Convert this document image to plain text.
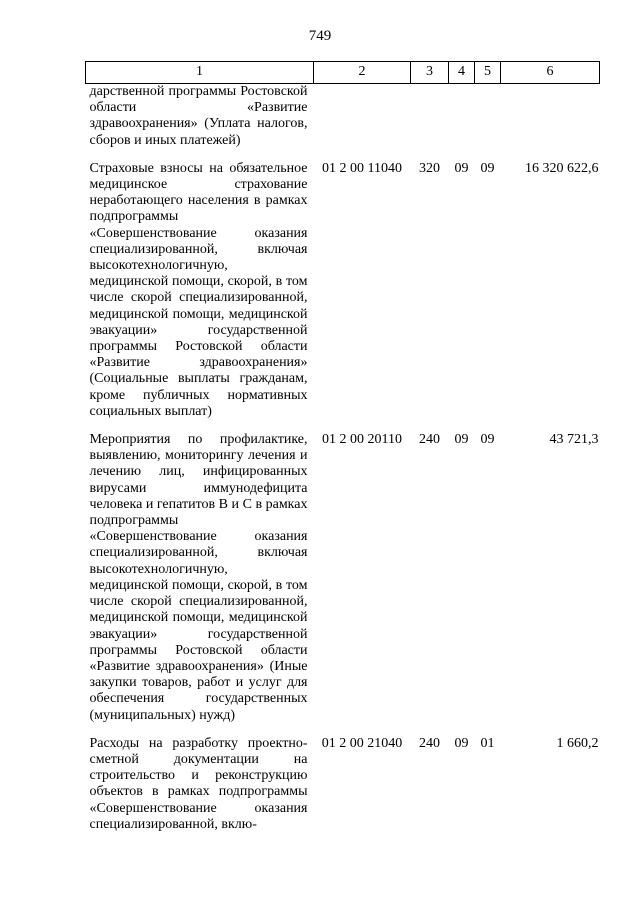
749
1	2	3	4	5	6
дарственной программы Ростовской области «Развитие здравоохранения» (Уплата налогов, сборов и иных платежей)					
Страховые взносы на обязательное медицинское страхование неработающего населения в рамках подпрограммы «Совершенствование оказания специализированной, включая высокотехнологичную, медицинской помощи, скорой, в том числе скорой специализированной, медицинской помощи, медицинской эвакуации» государственной программы Ростовской области «Развитие здравоохранения» (Социальные выплаты гражданам, кроме публичных нормативных социальных выплат)	01 2 00 11040	320	09	09	16 320 622,6
Мероприятия по профилактике, выявлению, мониторингу лечения и лечению лиц, инфицированных вирусами иммунодефицита человека и гепатитов B и C в рамках подпрограммы «Совершенствование оказания специализированной, включая высокотехнологичную, медицинской помощи, скорой, в том числе скорой специализированной, медицинской помощи, медицинской эвакуации» государственной программы Ростовской области «Развитие здравоохранения» (Иные закупки товаров, работ и услуг для обеспечения государственных (муниципальных) нужд)	01 2 00 20110	240	09	09	43 721,3
Расходы на разработку проектно-сметной документации на строительство и реконструкцию объектов в рамках подпрограммы «Совершенствование оказания специализированной, вклю-	01 2 00 21040	240	09	01	1 660,2
